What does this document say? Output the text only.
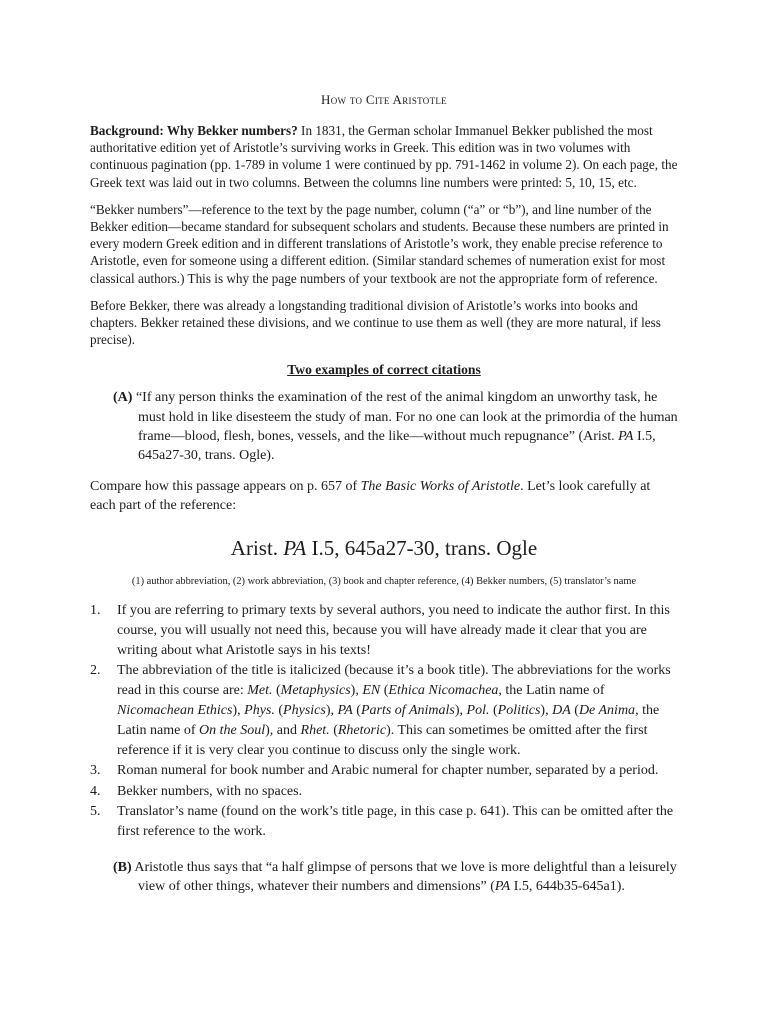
How to Cite Aristotle

Background: Why Bekker numbers? In 1831, the German scholar Immanuel Bekker published the most authoritative edition yet of Aristotle’s surviving works in Greek. This edition was in two volumes with continuous pagination (pp. 1-789 in volume 1 were continued by pp. 791-1462 in volume 2). On each page, the Greek text was laid out in two columns. Between the columns line numbers were printed: 5, 10, 15, etc.

“Bekker numbers”—reference to the text by the page number, column (“a” or “b”), and line number of the Bekker edition—became standard for subsequent scholars and students. Because these numbers are printed in every modern Greek edition and in different translations of Aristotle’s work, they enable precise reference to Aristotle, even for someone using a different edition. (Similar standard schemes of numeration exist for most classical authors.) This is why the page numbers of your textbook are not the appropriate form of reference.

Before Bekker, there was already a longstanding traditional division of Aristotle’s works into books and chapters. Bekker retained these divisions, and we continue to use them as well (they are more natural, if less precise).

Two examples of correct citations

(A) “If any person thinks the examination of the rest of the animal kingdom an unworthy task, he must hold in like disesteem the study of man. For no one can look at the primordia of the human frame—blood, flesh, bones, vessels, and the like—without much repugnance” (Arist. PA I.5, 645a27-30, trans. Ogle).

Compare how this passage appears on p. 657 of The Basic Works of Aristotle. Let’s look carefully at each part of the reference:

Arist. PA I.5, 645a27-30, trans. Ogle
(1) author abbreviation, (2) work abbreviation, (3) book and chapter reference, (4) Bekker numbers, (5) translator’s name
1. If you are referring to primary texts by several authors, you need to indicate the author first. In this course, you will usually not need this, because you will have already made it clear that you are writing about what Aristotle says in his texts!
2. The abbreviation of the title is italicized (because it’s a book title). The abbreviations for the works read in this course are: Met. (Metaphysics), EN (Ethica Nicomachea, the Latin name of Nicomachean Ethics), Phys. (Physics), PA (Parts of Animals), Pol. (Politics), DA (De Anima, the Latin name of On the Soul), and Rhet. (Rhetoric). This can sometimes be omitted after the first reference if it is very clear you continue to discuss only the single work.
3. Roman numeral for book number and Arabic numeral for chapter number, separated by a period.
4. Bekker numbers, with no spaces.
5. Translator’s name (found on the work’s title page, in this case p. 641). This can be omitted after the first reference to the work.

(B) Aristotle thus says that “a half glimpse of persons that we love is more delightful than a leisurely view of other things, whatever their numbers and dimensions” (PA I.5, 644b35-645a1).
